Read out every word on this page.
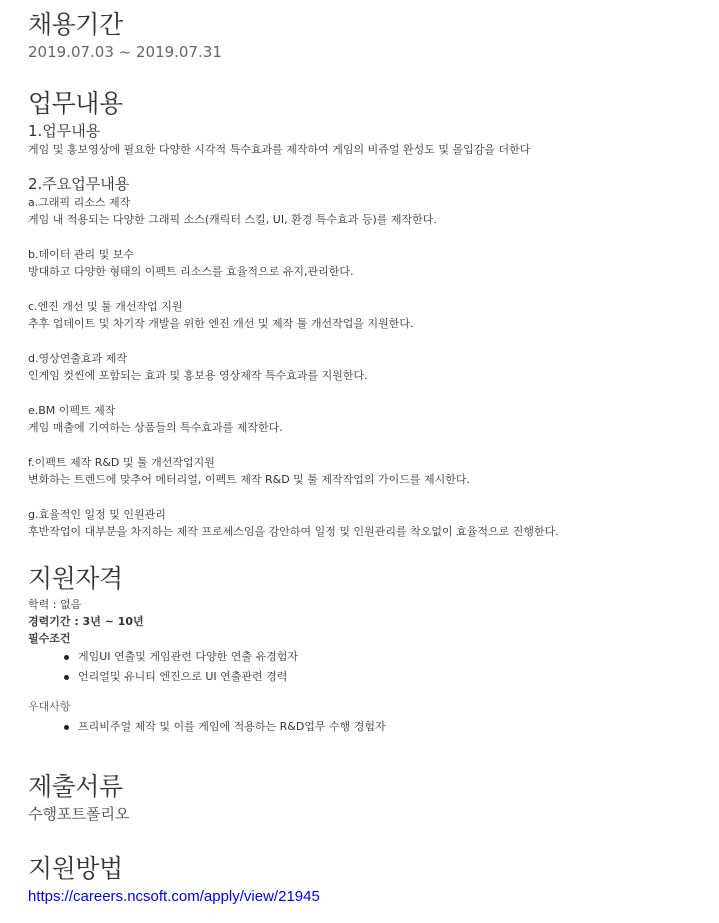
채용기간
2019.07.03 ~ 2019.07.31
업무내용
1.업무내용
게임 및 홍보영상에 필요한 다양한 시각적 특수효과를 제작하여 게임의 비쥬얼 완성도 및 몰입감을 더한다
2.주요업무내용
a.그래픽 리소스 제작
게임 내 적용되는 다양한 그래픽 소스(캐릭터 스킬, UI, 환경 특수효과 등)를 제작한다.
b.데이터 관리 및 보수
방대하고 다양한 형태의 이펙트 리소스를 효율적으로 유지,관리한다.
c.엔진 개선 및 툴 개선작업 지원
추후 업데이트 및 차기작 개발을 위한 엔진 개선 및 제작 툴 개선작업을 지원한다.
d.영상연출효과 제작
인게임 컷씬에 포함되는 효과 및 홍보용 영상제작 특수효과를 지원한다.
e.BM 이펙트 제작
게임 매출에 기여하는 상품들의 특수효과를 제작한다.
f.이펙트 제작 R&D 및 툴 개선작업지원
변화하는 트렌드에 맞추어 메터리얼, 이펙트 제작 R&D 및 툴 제작작업의 가이드를 제시한다.
g.효율적인 일정 및 인원관리
후반작업이 대부분을 차지하는 제작 프로세스임을 감안하여 일정 및 인원관리를 착오없이 효율적으로 진행한다.
지원자격
학력 : 없음
경력기간 : 3년 ~ 10년
필수조건
게임UI 연출및 게임관련 다양한 연출 유경험자
언리얼및 유니티 엔진으로 UI 연출관련 경력
우대사항
프리비주얼 제작 및 이를 게임에 적용하는 R&D업무 수행 경험자
제출서류
수행포트폴리오
지원방법
https://careers.ncsoft.com/apply/view/21945
